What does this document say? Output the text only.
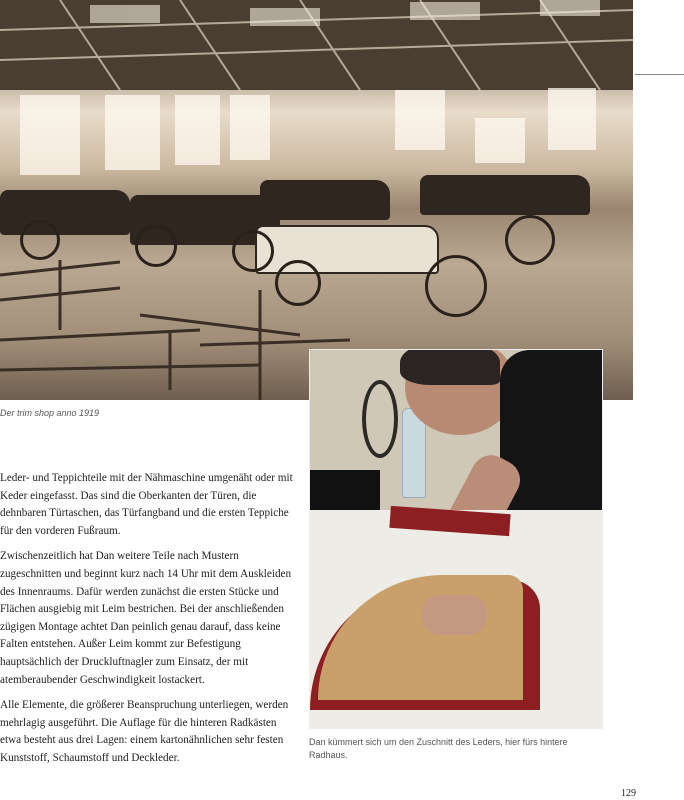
Der trim shop anno 1919
Dan kümmert sich um den Zuschnitt des Leders, hier fürs hintere Radhaus.

Leder- und Teppichteile mit der Nähmaschine umgenäht oder mit Keder eingefasst. Das sind die Oberkanten der Türen, die dehnbaren Türtaschen, das Türfangband und die ersten Teppiche für den vorderen Fußraum.

Zwischenzeitlich hat Dan weitere Teile nach Mustern zugeschnitten und beginnt kurz nach 14 Uhr mit dem Auskleiden des Innenraums. Dafür werden zunächst die ersten Stücke und Flächen ausgiebig mit Leim bestrichen. Bei der anschließenden zügigen Montage achtet Dan peinlich genau darauf, dass keine Falten entstehen. Außer Leim kommt zur Befestigung hauptsächlich der Druckluftnagler zum Einsatz, der mit atemberaubender Geschwindigkeit lostackert.

Alle Elemente, die größerer Beanspruchung unterliegen, werden mehrlagig ausgeführt. Die Auflage für die hinteren Radkästen etwa besteht aus drei Lagen: einem kartonähnlichen sehr festen Kunststoff, Schaumstoff und Deckleder.

129
